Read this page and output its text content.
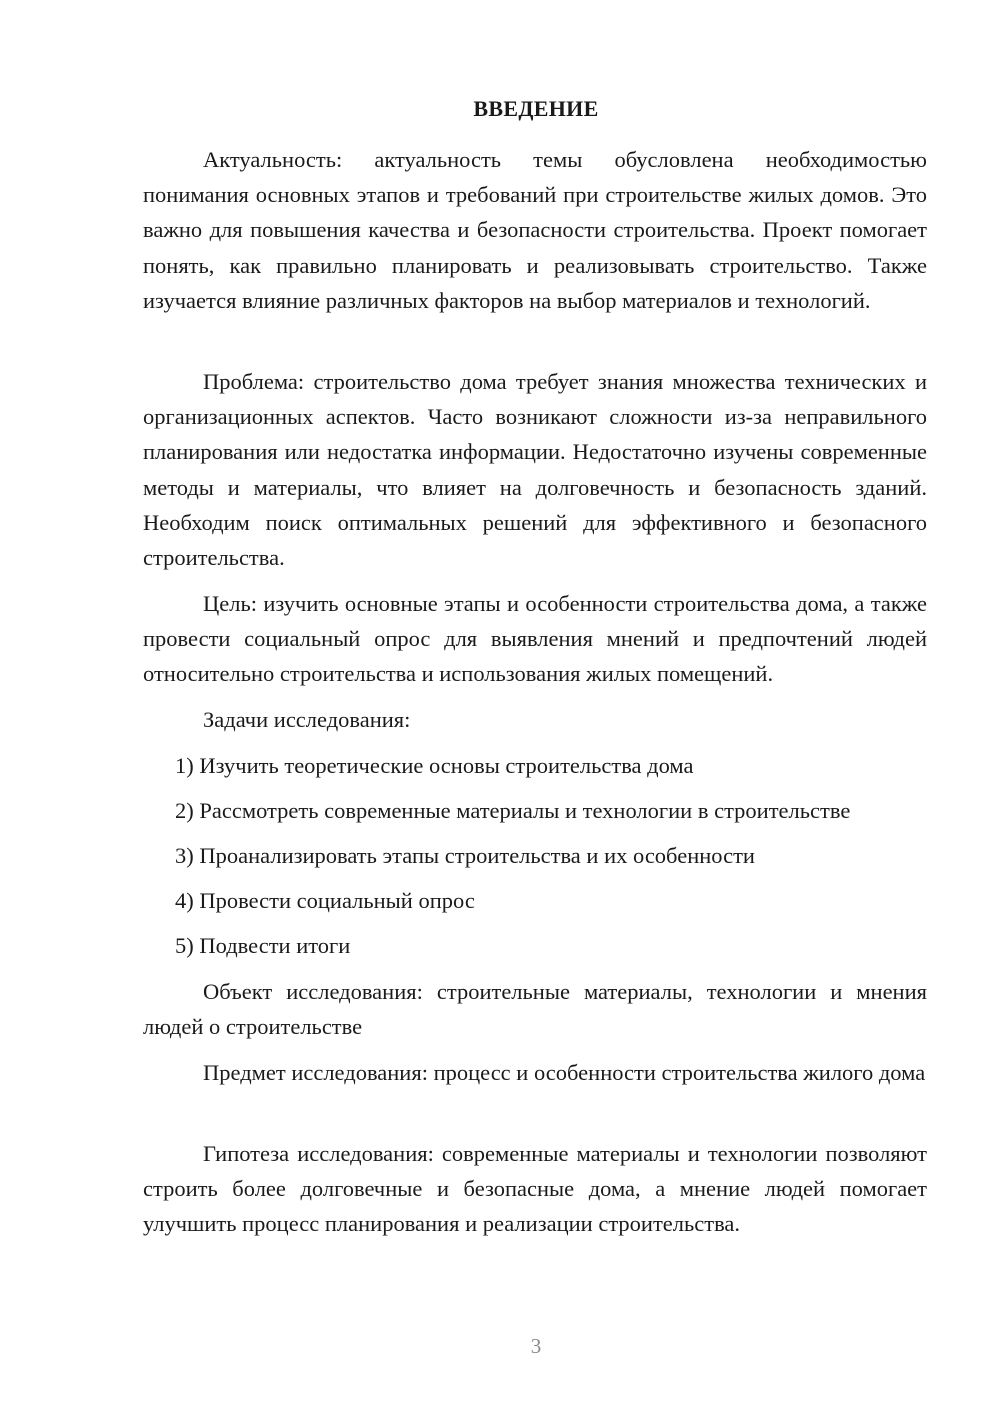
ВВЕДЕНИЕ

Актуальность: актуальность темы обусловлена необходимостью понимания основных этапов и требований при строительстве жилых домов. Это важно для повышения качества и безопасности строительства. Проект помогает понять, как правильно планировать и реализовывать строительство. Также изучается влияние различных факторов на выбор материалов и технологий.

Проблема: строительство дома требует знания множества технических и организационных аспектов. Часто возникают сложности из-за неправильного планирования или недостатка информации. Недостаточно изучены современные методы и материалы, что влияет на долговечность и безопасность зданий. Необходим поиск оптимальных решений для эффективного и безопасного строительства.

Цель: изучить основные этапы и особенности строительства дома, а также провести социальный опрос для выявления мнений и предпочтений людей относительно строительства и использования жилых помещений.

Задачи исследования:

1) Изучить теоретические основы строительства дома

2) Рассмотреть современные материалы и технологии в строительстве

3) Проанализировать этапы строительства и их особенности

4) Провести социальный опрос

5) Подвести итоги

Объект исследования: строительные материалы, технологии и мнения людей о строительстве

Предмет исследования: процесс и особенности строительства жилого дома

Гипотеза исследования: современные материалы и технологии позволяют строить более долговечные и безопасные дома, а мнение людей помогает улучшить процесс планирования и реализации строительства.

3
